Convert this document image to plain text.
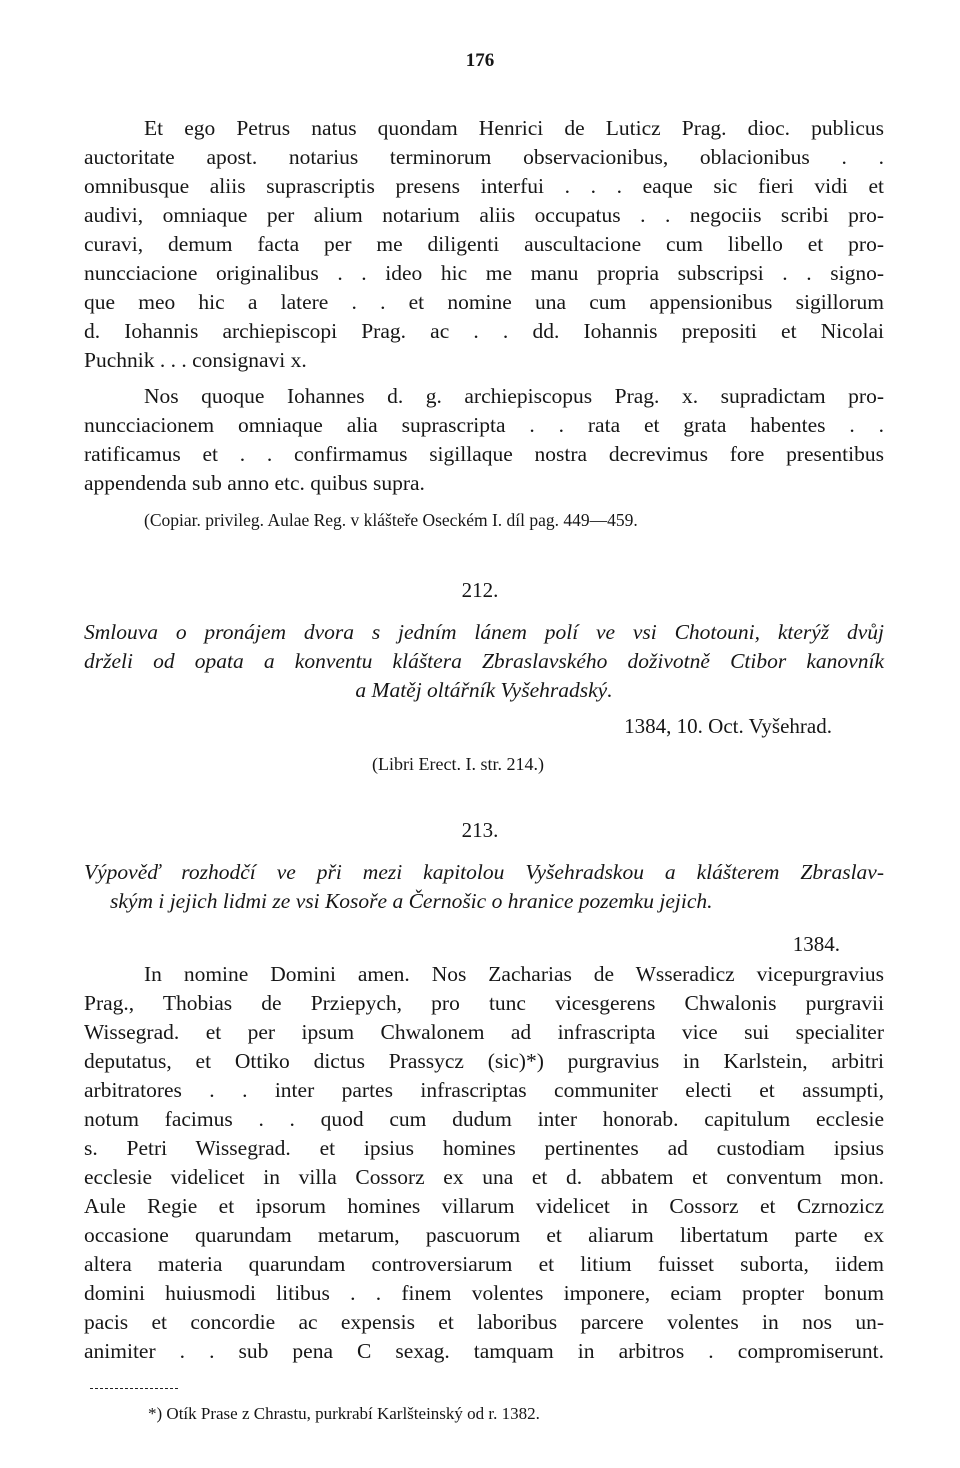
176
Et ego Petrus natus quondam Henrici de Luticz Prag. dioc. publicus
auctoritate apost. notarius terminorum observacionibus, oblacionibus . .
omnibusque aliis suprascriptis presens interfui . . . eaque sic fieri vidi et
audivi, omniaque per alium notarium aliis occupatus . . negociis scribi pro-
curavi, demum facta per me diligenti auscultacione cum libello et pro-
nuncciacione originalibus . . ideo hic me manu propria subscripsi . . signo-
que meo hic a latere . . et nomine una cum appensionibus sigillorum
d. Iohannis archiepiscopi Prag. ac . . dd. Iohannis prepositi et Nicolai
Puchnik . . . consignavi x.
Nos quoque Iohannes d. g. archiepiscopus Prag. x. supradictam pro-
nuncciacionem omniaque alia suprascripta . . rata et grata habentes . .
ratificamus et . . confirmamus sigillaque nostra decrevimus fore presentibus
appendenda sub anno etc. quibus supra.
(Copiar. privileg. Aulae Reg. v klášteře Oseckém I. díl pag. 449—459.
212.
Smlouva o pronájem dvora s jedním lánem polí ve vsi Chotouni, kterýž dvůj
drželi od opata a konventu kláštera Zbraslavského doživotně Ctibor kanovník
a Matěj oltářník Vyšehradský.
1384, 10. Oct. Vyšehrad.
(Libri Erect. I. str. 214.)
213.
Výpověď rozhodčí ve při mezi kapitolou Vyšehradskou a klášterem Zbraslav-
ským i jejich lidmi ze vsi Kosoře a Černošic o hranice pozemku jejich.
1384.
In nomine Domini amen. Nos Zacharias de Wsseradicz vicepurgravius
Prag., Thobias de Prziepych, pro tunc vicesgerens Chwalonis purgravii
Wissegrad. et per ipsum Chwalonem ad infrascripta vice sui specialiter
deputatus, et Ottiko dictus Prassycz (sic)*) purgravius in Karlstein, arbitri
arbitratores . . inter partes infrascriptas communiter electi et assumpti,
notum facimus . . quod cum dudum inter honorab. capitulum ecclesie
s. Petri Wissegrad. et ipsius homines pertinentes ad custodiam ipsius
ecclesie videlicet in villa Cossorz ex una et d. abbatem et conventum mon.
Aule Regie et ipsorum homines villarum videlicet in Cossorz et Czrnozicz
occasione quarundam metarum, pascuorum et aliarum libertatum parte ex
altera materia quarundam controversiarum et litium fuisset suborta, iidem
domini huiusmodi litibus . . finem volentes imponere, eciam propter bonum
pacis et concordie ac expensis et laboribus parcere volentes in nos un-
animiter . . sub pena C sexag. tamquam in arbitros . compromiserunt.
*) Otík Prase z Chrastu, purkrabí Karlšteinský od r. 1382.
